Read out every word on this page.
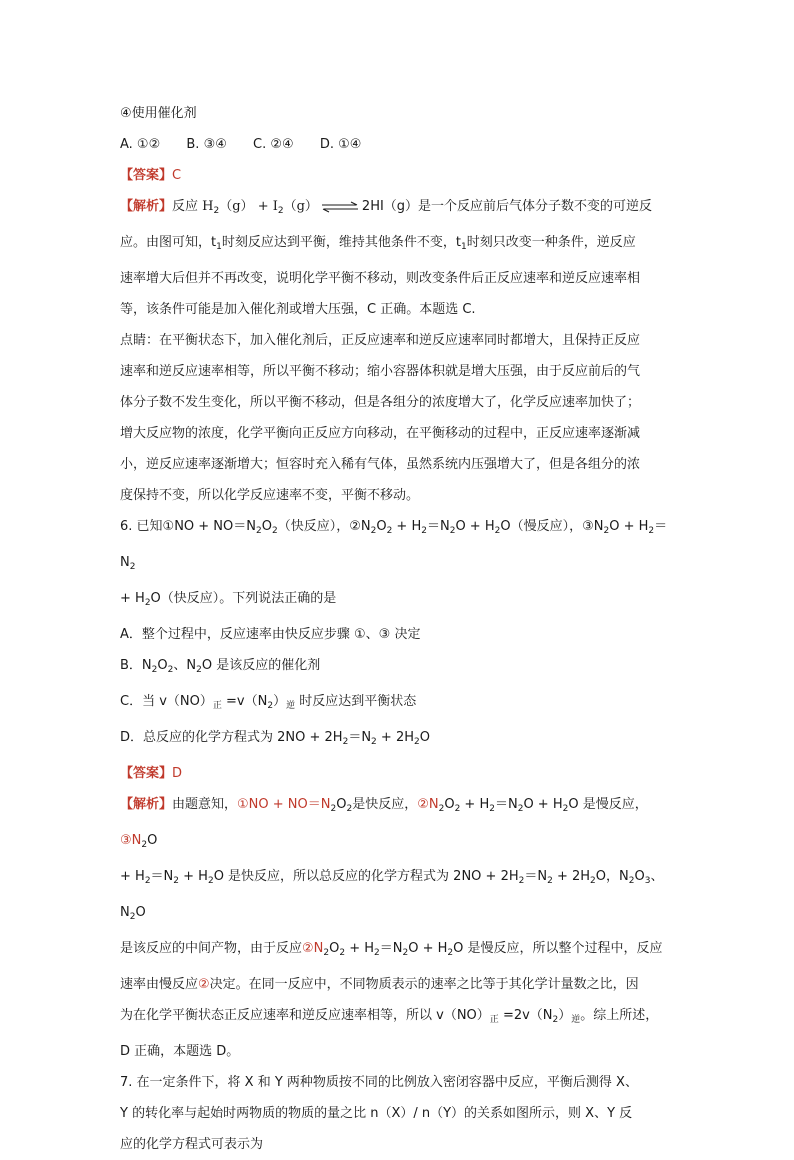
④使用催化剂

A. ①② B. ③④ C. ②④ D. ①④

【答案】C

【解析】反应 $H_2(g) + I_2(g)$ ⇌ 2HI（g）是一个反应前后气体分子数不变的可逆反

应。由图可知，$t_1$时刻反应达到平衡，维持其他条件不变，$t_1$时刻只改变一种条件，逆反应

速率增大后但并不再改变，说明化学平衡不移动，则改变条件后正反应速率和逆反应速率相

等，该条件可能是加入催化剂或增大压强，C 正确。本题选 C.

点睛：在平衡状态下，加入催化剂后，正反应速率和逆反应速率同时都增大，且保持正反应

速率和逆反应速率相等，所以平衡不移动；缩小容器体积就是增大压强，由于反应前后的气

体分子数不发生变化，所以平衡不移动，但是各组分的浓度增大了，化学反应速率加快了；

增大反应物的浓度，化学平衡向正反应方向移动，在平衡移动的过程中，正反应速率逐渐减

小，逆反应速率逐渐增大；恒容时充入稀有气体，虽然系统内压强增大了，但是各组分的浓

度保持不变，所以化学反应速率不变，平衡不移动。

6. 已知①NO + $NO=N_2O_2$（快反应），$②N_2O_2 + H_2=N_2O + H_2O$（慢反应），$③N_2O + H_2=N_2$

+ $H_2O$（快反应）。下列说法正确的是

A．整个过程中，反应速率由快反应步骤 ①、③ 决定

B．$N_2O_2$、$N_2O$ 是该反应的催化剂

C．当 $v(NO)_正 =v(N_2)_逆$ 时反应达到平衡状态

D．总反应的化学方程式为 $2NO + 2H_2=N_2 + 2H_2O$

【答案】D

【解析】由题意知，①NO + $NO=N_2O_2$是快反应，$②N_2O_2 + H_2=N_2O + H_2O$ 是慢反应，$③N_2O$

+ $H_2=N_2 + H_2O$ 是快反应，所以总反应的化学方程式为 $2NO + 2H_2=N_2 + 2H_2O$，$N_2O_3$、$N_2O$

是该反应的中间产物，由于反应$②N_2O_2 + H_2=N_2O + H_2O$ 是慢反应，所以整个过程中，反应

速率由慢反应②决定。在同一反应中，不同物质表示的速率之比等于其化学计量数之比，因

为在化学平衡状态正反应速率和逆反应速率相等，所以 $v(NO)_正 =2v(N_2)_逆$。综上所述，

D 正确，本题选 D。

7. 在一定条件下，将 X 和 Y 两种物质按不同的比例放入密闭容器中反应，平衡后测得 X、

Y 的转化率与起始时两物质的物质的量之比 n（X）/ n（Y）的关系如图所示，则 X、Y 反

应的化学方程式可表示为
